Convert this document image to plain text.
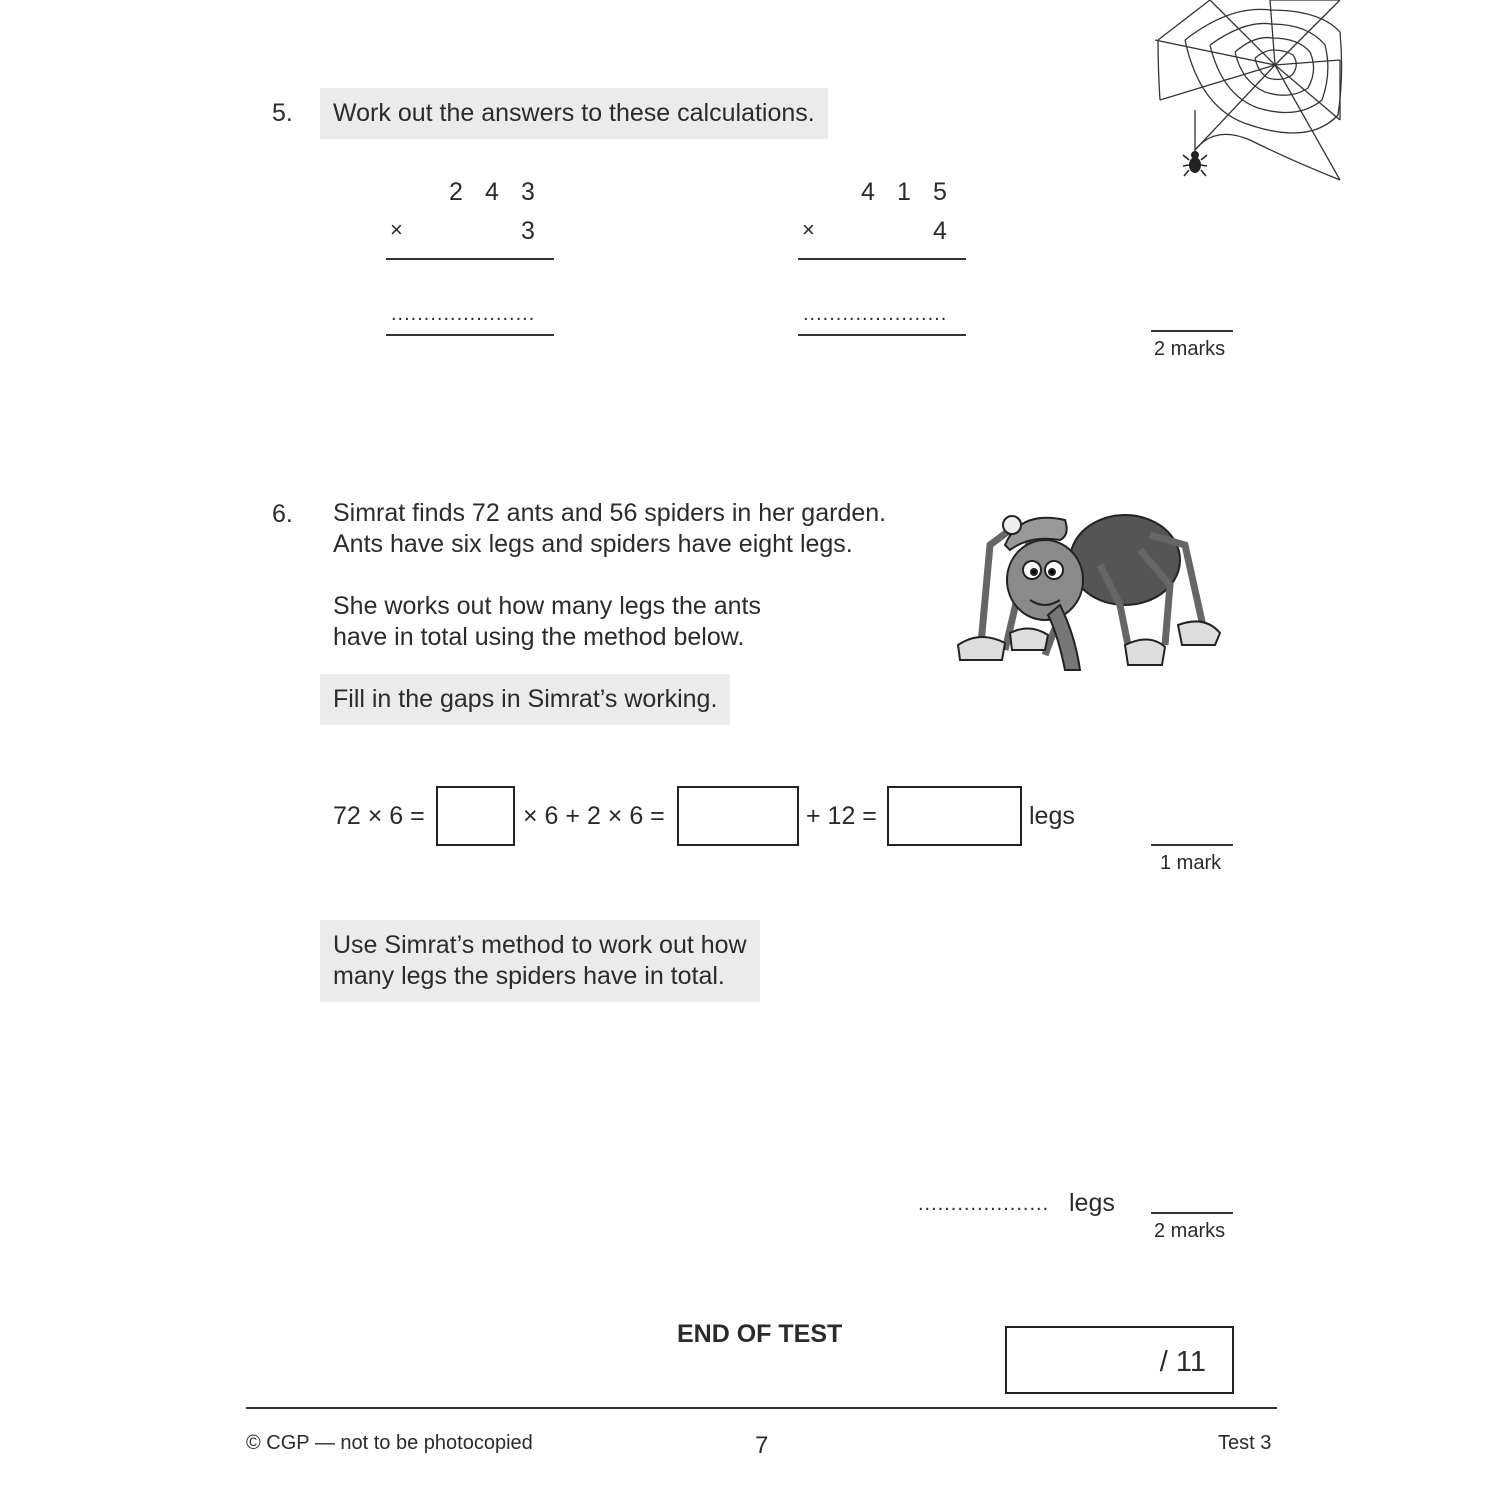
5.	Work out the answers to these calculations.
2 4 3
×	3
......................
4 1 5
×	4
......................
2 marks
6. Simrat finds 72 ants and 56 spiders in her garden.
Ants have six legs and spiders have eight legs.
She works out how many legs the ants
have in total using the method below.
Fill in the gaps in Simrat’s working.
72 × 6 =	× 6 + 2 × 6 =	+ 12 =	legs
1 mark
Use Simrat’s method to work out how
many legs the spiders have in total.
.................... legs
2 marks
END OF TEST
/ 11
© CGP — not to be photocopied	7	Test 3
